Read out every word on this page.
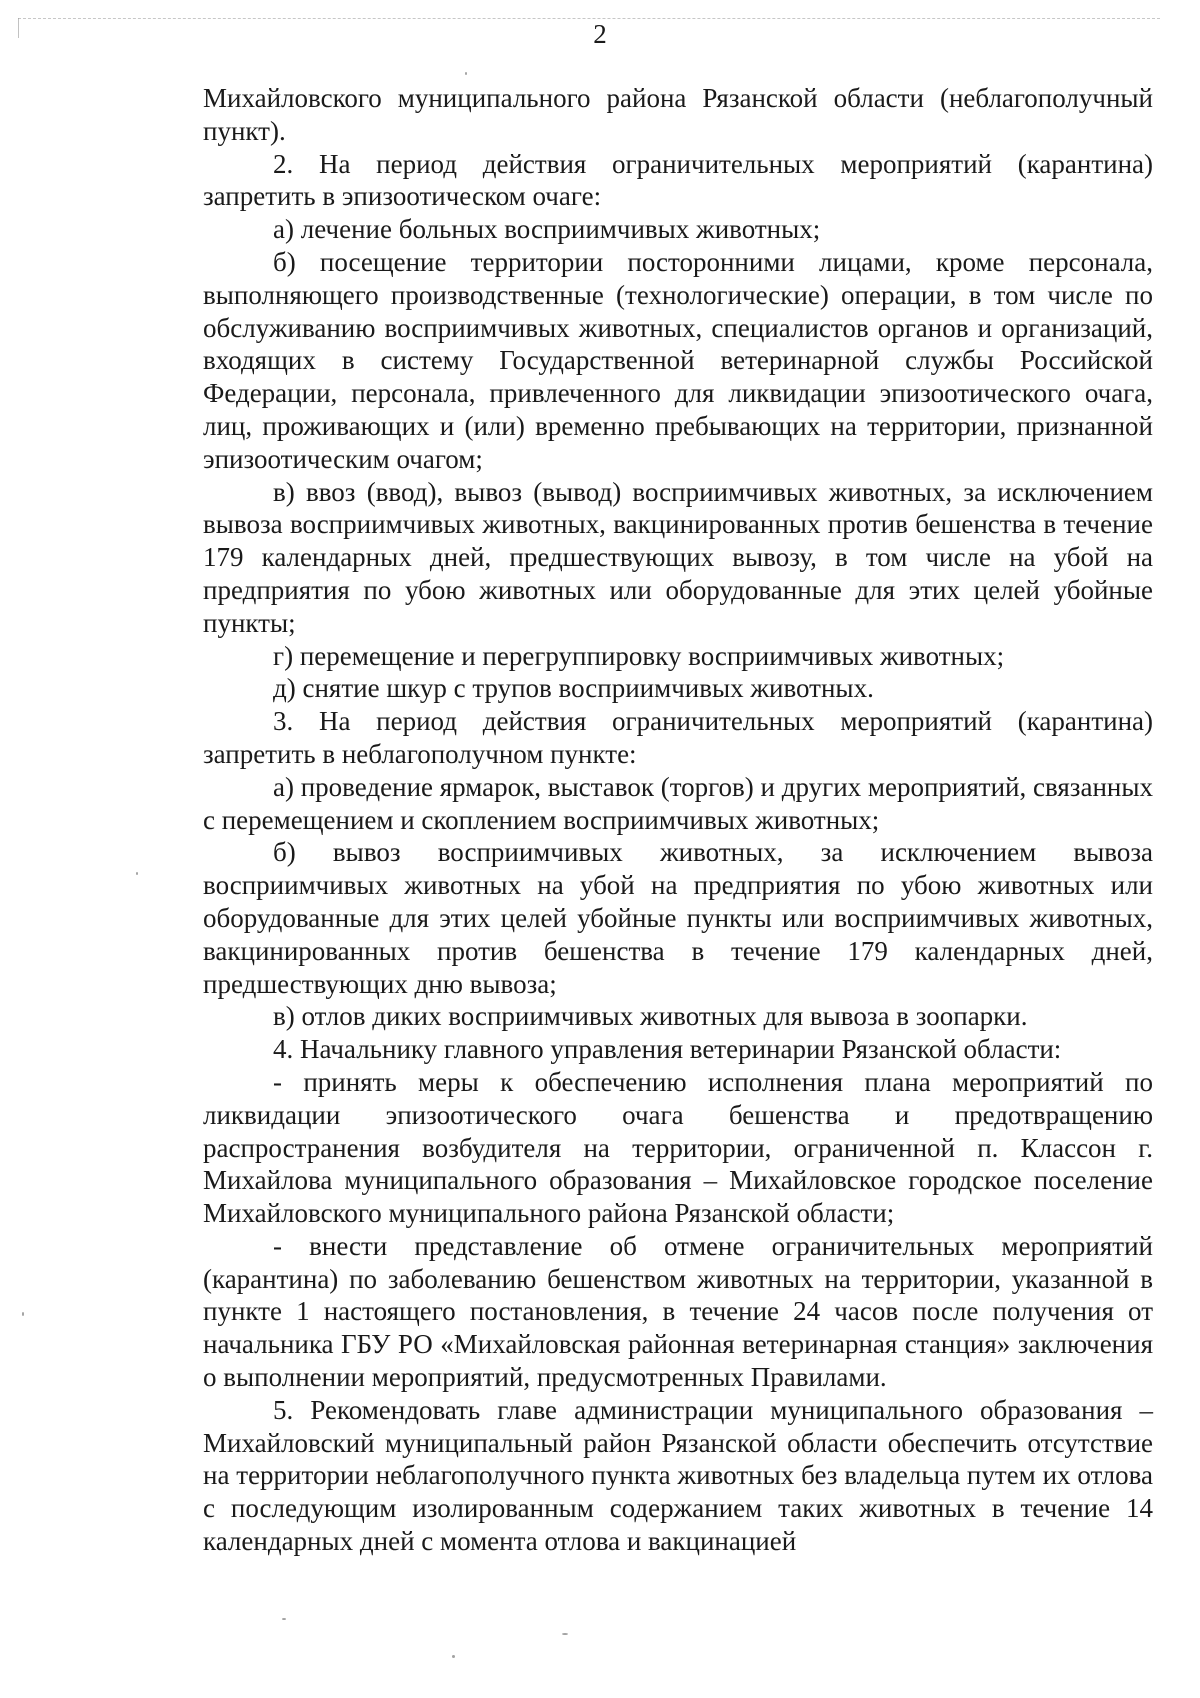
2

Михайловского муниципального района Рязанской области (неблагополучный пункт).

2. На период действия ограничительных мероприятий (карантина) запретить в эпизоотическом очаге:

а) лечение больных восприимчивых животных;

б) посещение территории посторонними лицами, кроме персонала, выполняющего производственные (технологические) операции, в том числе по обслуживанию восприимчивых животных, специалистов органов и организаций, входящих в систему Государственной ветеринарной службы Российской Федерации, персонала, привлеченного для ликвидации эпизоотического очага, лиц, проживающих и (или) временно пребывающих на территории, признанной эпизоотическим очагом;

в) ввоз (ввод), вывоз (вывод) восприимчивых животных, за исключением вывоза восприимчивых животных, вакцинированных против бешенства в течение 179 календарных дней, предшествующих вывозу, в том числе на убой на предприятия по убою животных или оборудованные для этих целей убойные пункты;

г) перемещение и перегруппировку восприимчивых животных;

д) снятие шкур с трупов восприимчивых животных.

3. На период действия ограничительных мероприятий (карантина) запретить в неблагополучном пункте:

а) проведение ярмарок, выставок (торгов) и других мероприятий, связанных с перемещением и скоплением восприимчивых животных;

б) вывоз восприимчивых животных, за исключением вывоза восприимчивых животных на убой на предприятия по убою животных или оборудованные для этих целей убойные пункты или восприимчивых животных, вакцинированных против бешенства в течение 179 календарных дней, предшествующих дню вывоза;

в) отлов диких восприимчивых животных для вывоза в зоопарки.

4. Начальнику главного управления ветеринарии Рязанской области:

- принять меры к обеспечению исполнения плана мероприятий по ликвидации эпизоотического очага бешенства и предотвращению распространения возбудителя на территории, ограниченной п. Классон г. Михайлова муниципального образования – Михайловское городское поселение Михайловского муниципального района Рязанской области;

- внести представление об отмене ограничительных мероприятий (карантина) по заболеванию бешенством животных на территории, указанной в пункте 1 настоящего постановления, в течение 24 часов после получения от начальника ГБУ РО «Михайловская районная ветеринарная станция» заключения о выполнении мероприятий, предусмотренных Правилами.

5. Рекомендовать главе администрации муниципального образования – Михайловский муниципальный район Рязанской области обеспечить отсутствие на территории неблагополучного пункта животных без владельца путем их отлова с последующим изолированным содержанием таких животных в течение 14 календарных дней с момента отлова и вакцинацией
